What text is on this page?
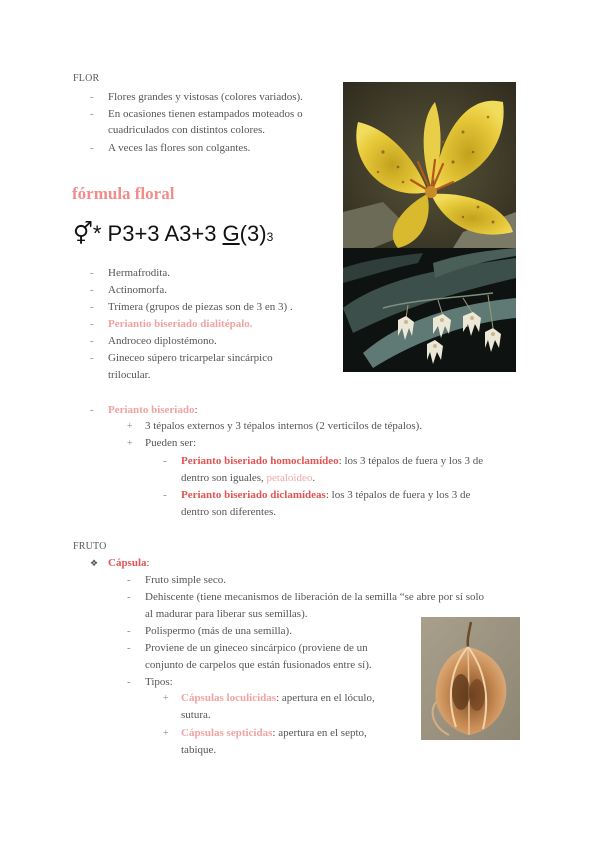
FLOR
- Flores grandes y vistosas (colores variados).
- En ocasiones tienen estampados moteados o
cuadriculados con distintos colores.
- A veces las flores son colgantes.
fórmula floral
⚥* P3+3 A3+3 G(3)3
- Hermafrodita.
- Actinomorfa.
- Trímera (grupos de piezas son de 3 en 3) .
- Periantio biseriado dialitépalo.
- Androceo diplostémono.
- Gineceo súpero tricarpelar sincárpico
trilocular.
- Perianto biseriado:
+ 3 tépalos externos y 3 tépalos internos (2 verticilos de tépalos).
+ Pueden ser:
- Perianto biseriado homoclamídeo: los 3 tépalos de fuera y los 3 de
dentro son iguales, petaloideo.
- Perianto biseriado diclamídeas: los 3 tépalos de fuera y los 3 de
dentro son diferentes.
FRUTO
❖ Cápsula:
- Fruto simple seco.
- Dehiscente (tiene mecanismos de liberación de la semilla “se abre por sí solo
al madurar para liberar sus semillas).
- Polispermo (más de una semilla).
- Proviene de un gineceo sincárpico (proviene de un
conjunto de carpelos que están fusionados entre sí).
- Tipos:
+ Cápsulas loculicidas: apertura en el lóculo,
sutura.
+ Cápsulas septicidas: apertura en el septo,
tabique.
